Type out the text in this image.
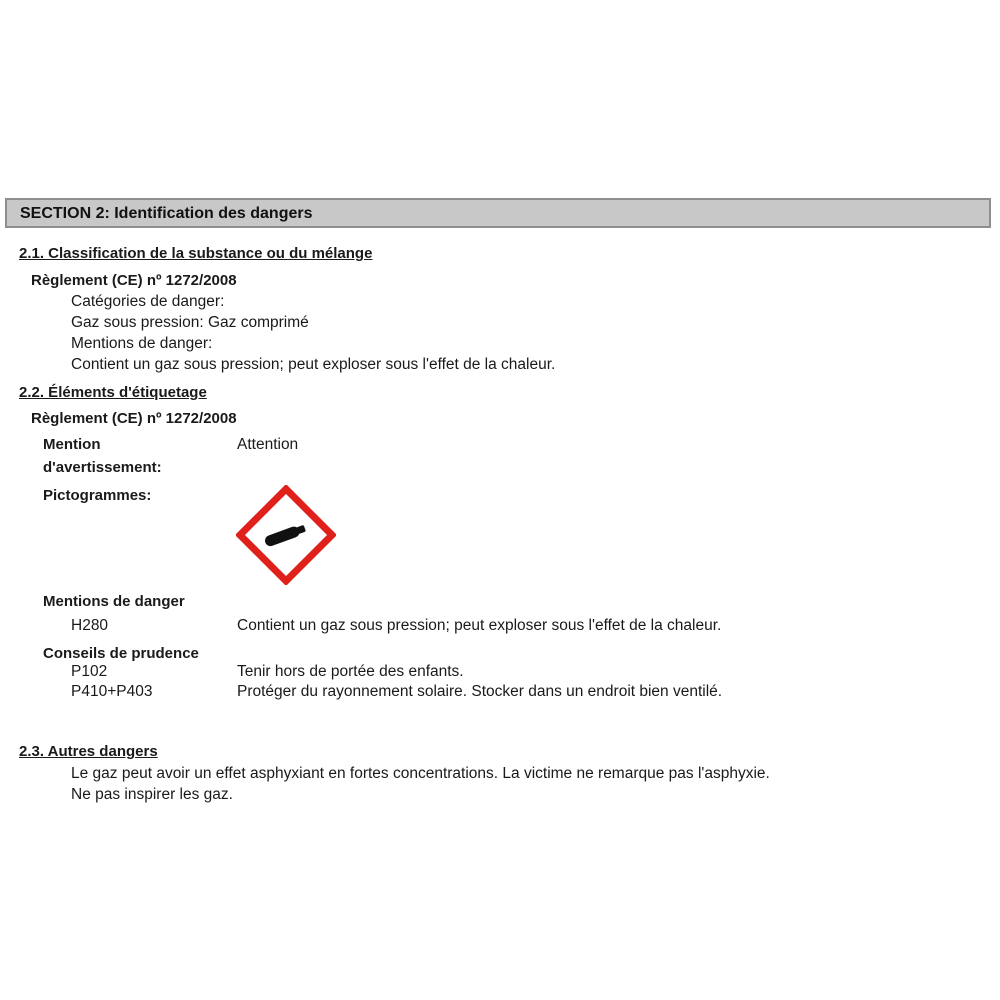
SECTION 2: Identification des dangers
2.1. Classification de la substance ou du mélange
Règlement (CE) nº 1272/2008
Catégories de danger:
Gaz sous pression: Gaz comprimé
Mentions de danger:
Contient un gaz sous pression; peut exploser sous l'effet de la chaleur.
2.2. Éléments d'étiquetage
Règlement (CE) nº 1272/2008
Mention
d'avertissement:
Attention
Pictogrammes:
Mentions de danger
H280	Contient un gaz sous pression; peut exploser sous l'effet de la chaleur.
Conseils de prudence
P102	Tenir hors de portée des enfants.
P410+P403	Protéger du rayonnement solaire. Stocker dans un endroit bien ventilé.
2.3. Autres dangers
Le gaz peut avoir un effet asphyxiant en fortes concentrations. La victime ne remarque pas l'asphyxie.
Ne pas inspirer les gaz.
